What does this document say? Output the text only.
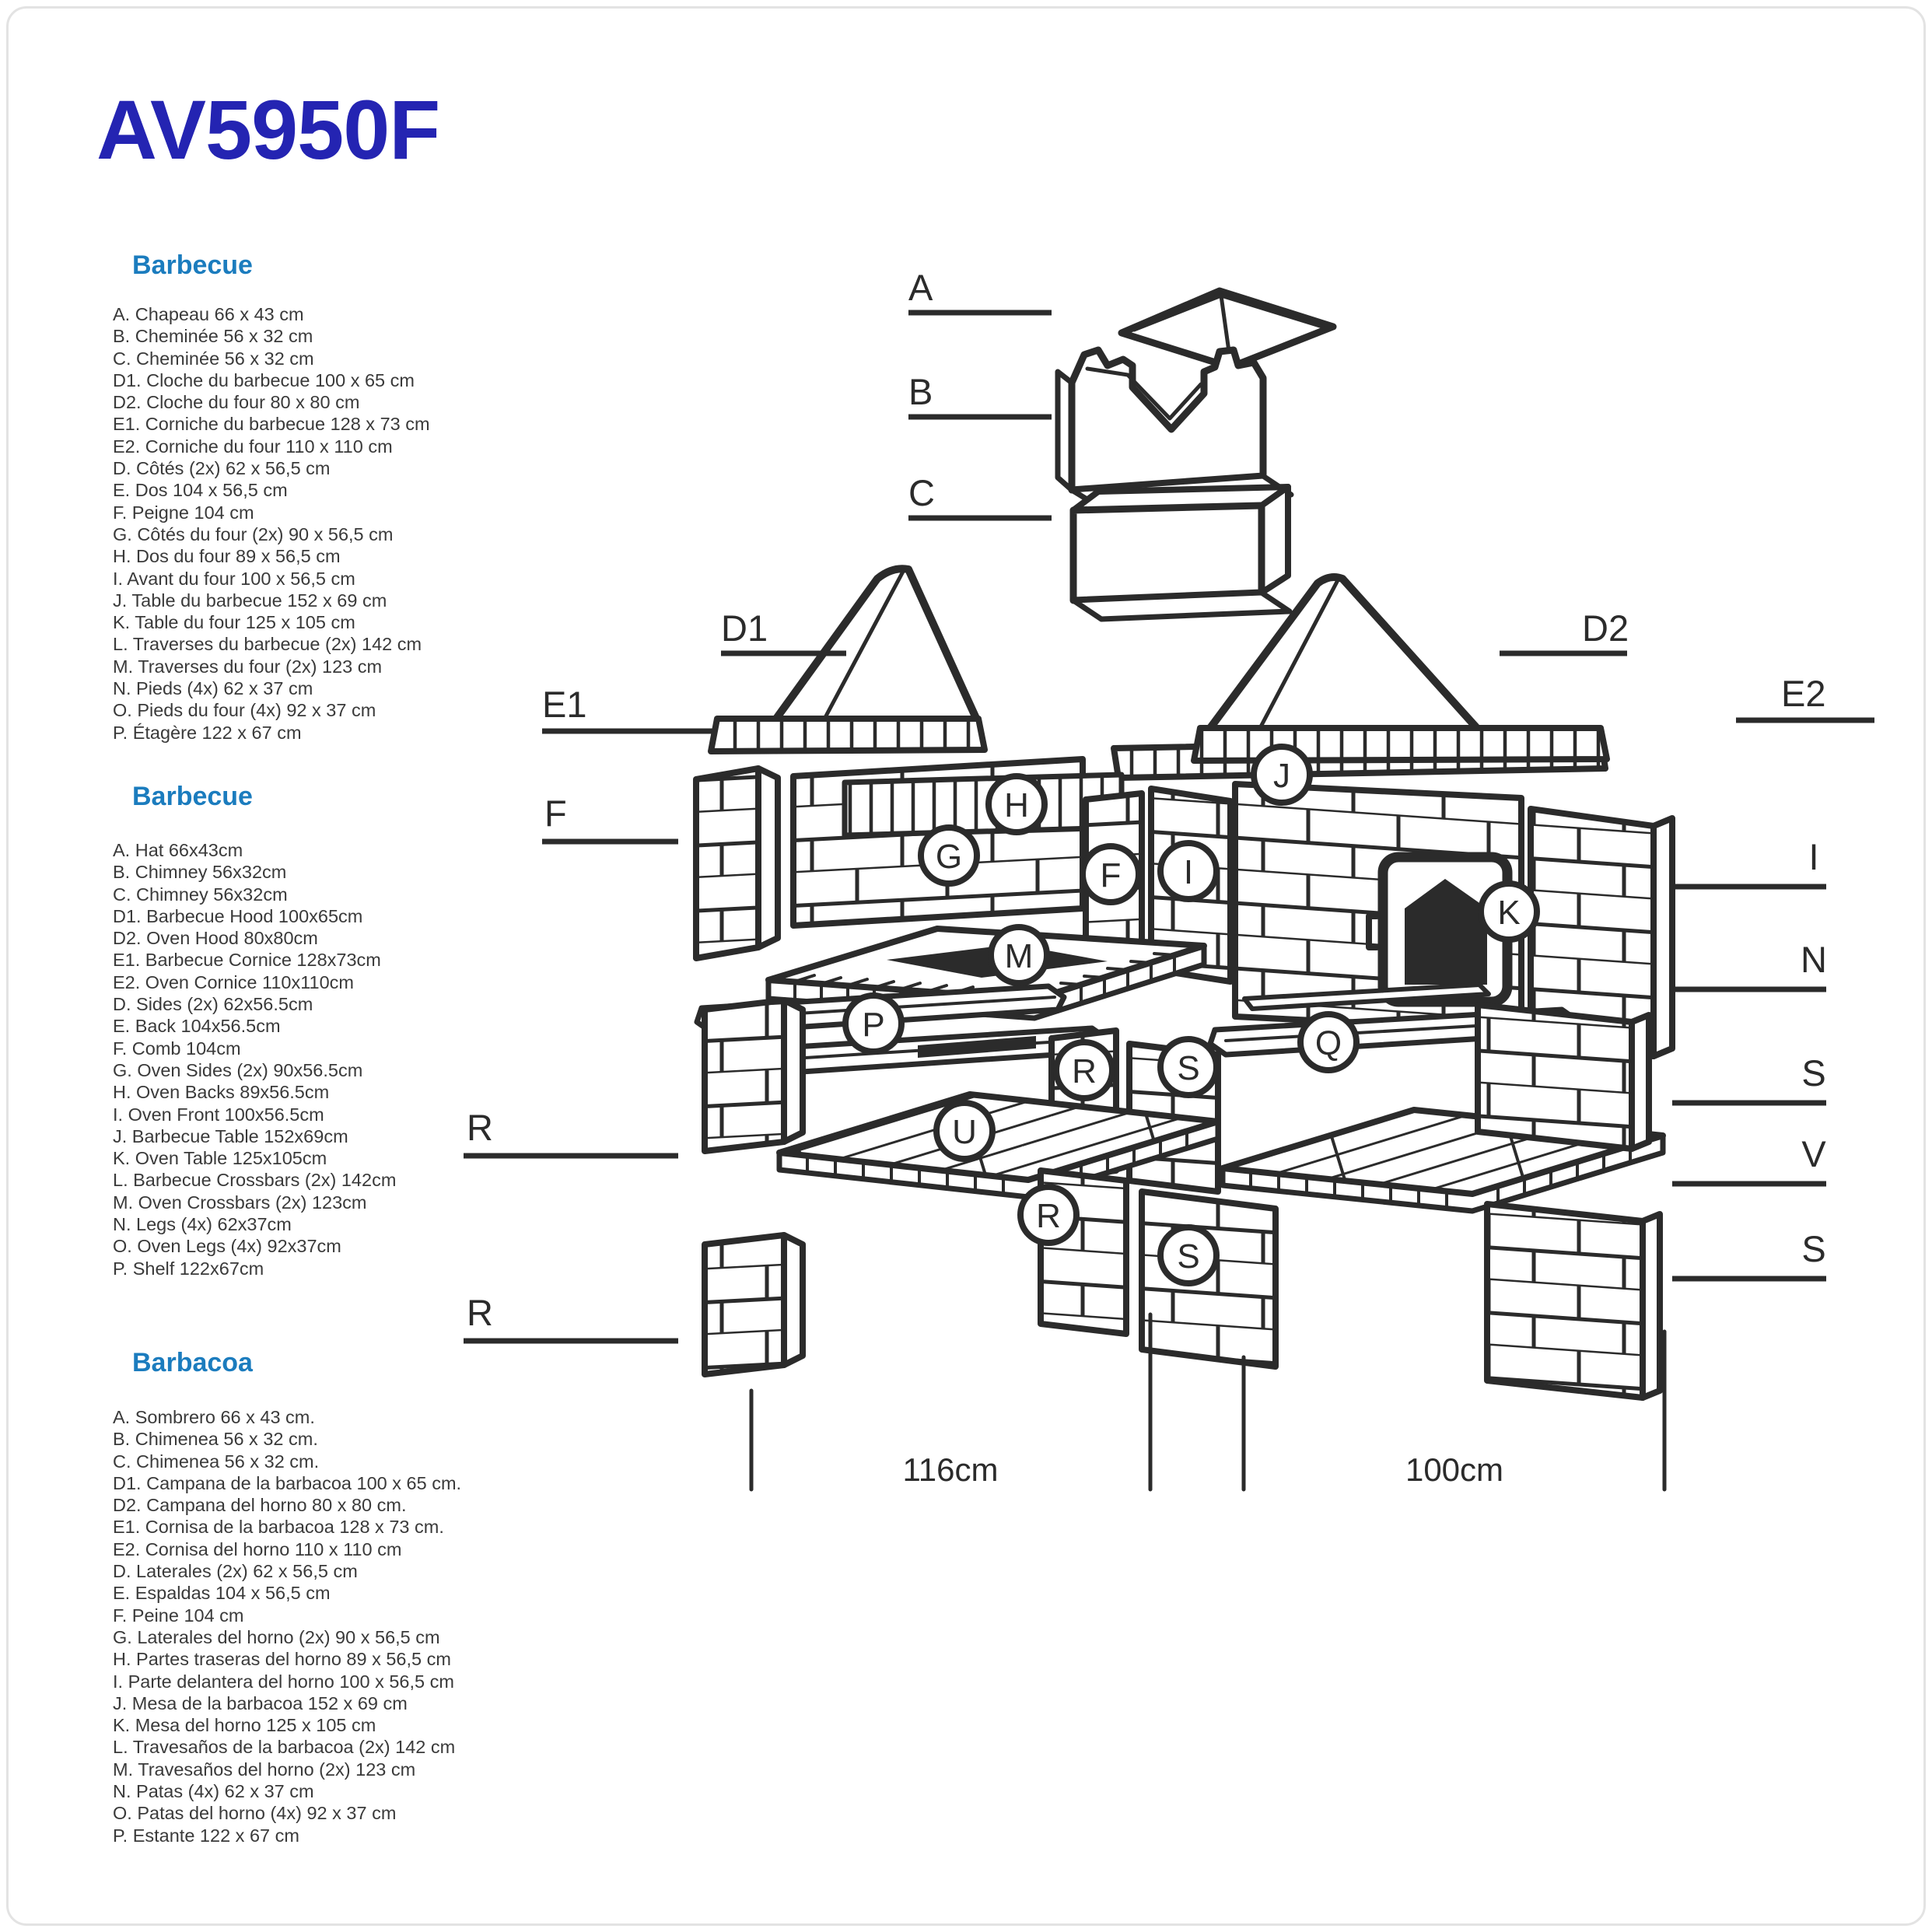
AV5950F
Barbecue
A. Chapeau 66 x 43 cm
B. Cheminée 56 x 32 cm
C. Cheminée 56 x 32 cm
D1. Cloche du barbecue 100 x 65 cm
D2. Cloche du four 80 x 80 cm
E1. Corniche du barbecue 128 x 73 cm
E2. Corniche du four 110 x 110 cm
D. Côtés (2x) 62 x 56,5 cm
E. Dos 104 x 56,5 cm
F. Peigne 104 cm
G. Côtés du four (2x) 90 x 56,5 cm
H. Dos du four 89 x 56,5 cm
I. Avant du four 100 x 56,5 cm
J. Table du barbecue 152 x 69 cm
K. Table du four 125 x 105 cm
L. Traverses du barbecue (2x) 142 cm
M. Traverses du four (2x) 123 cm
N. Pieds (4x) 62 x 37 cm
O. Pieds du four (4x) 92 x 37 cm
P. Étagère 122 x 67 cm
Barbecue
A. Hat 66x43cm
B. Chimney 56x32cm
C. Chimney 56x32cm
D1. Barbecue Hood 100x65cm
D2. Oven Hood 80x80cm
E1. Barbecue Cornice 128x73cm
E2. Oven Cornice 110x110cm
D. Sides (2x) 62x56.5cm
E. Back 104x56.5cm
F. Comb 104cm
G. Oven Sides (2x) 90x56.5cm
H. Oven Backs 89x56.5cm
I. Oven Front 100x56.5cm
J. Barbecue Table 152x69cm
K. Oven Table 125x105cm
L. Barbecue Crossbars (2x) 142cm
M. Oven Crossbars (2x) 123cm
N. Legs (4x) 62x37cm
O. Oven Legs (4x) 92x37cm
P. Shelf 122x67cm
Barbacoa
A. Sombrero 66 x 43 cm.
B. Chimenea 56 x 32 cm.
C. Chimenea 56 x 32 cm.
D1. Campana de la barbacoa 100 x 65 cm.
D2. Campana del horno 80 x 80 cm.
E1. Cornisa de la barbacoa 128 x 73 cm.
E2. Cornisa del horno 110 x 110 cm
D. Laterales (2x) 62 x 56,5 cm
E. Espaldas 104 x 56,5 cm
F. Peine 104 cm
G. Laterales del horno (2x) 90 x 56,5 cm
H. Partes traseras del horno 89 x 56,5 cm
I. Parte delantera del horno 100 x 56,5 cm
J. Mesa de la barbacoa 152 x 69 cm
K. Mesa del horno 125 x 105 cm
L. Travesaños de la barbacoa (2x) 142 cm
M. Travesaños del horno (2x) 123 cm
N. Patas (4x) 62 x 37 cm
O. Patas del horno (4x) 92 x 37 cm
P. Estante 122 x 67 cm
J
H
G	F I
K
M
P	Q
R S
U
R
S
A
B
C
D1	D2
E1	E2
F
R
R
I
N
S
V
S
116cm	100cm
